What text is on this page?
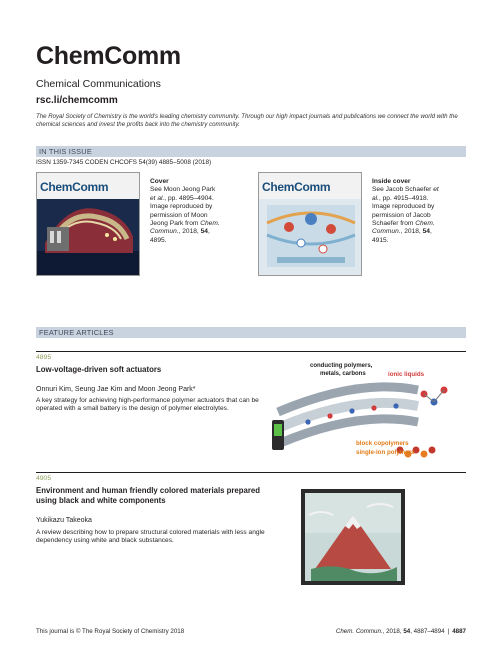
ChemComm
Chemical Communications
rsc.li/chemcomm
The Royal Society of Chemistry is the world's leading chemistry community. Through our high impact journals and publications we connect the world with the chemical sciences and invest the profits back into the chemistry community.
IN THIS ISSUE
ISSN 1359-7345 CODEN CHCOFS 54(39) 4885–5008 (2018)
ChemComm	Cover
See Moon Jeong Park et al., pp. 4895–4904. Image reproduced by permission of Moon Jeong Park from Chem. Commun., 2018, 54, 4895.
ChemComm	Inside cover
See Jacob Schaefer et al., pp. 4915–4918. Image reproduced by permission of Jacob Schaefer from Chem. Commun., 2018, 54, 4915.
FEATURE ARTICLES
4895
Low-voltage-driven soft actuators
Onnuri Kim, Seung Jae Kim and Moon Jeong Park*
A key strategy for achieving high-performance polymer actuators that can be operated with a small battery is the design of polymer electrolytes.
conducting polymers,
metals, carbons	ionic liquids
block copolymers
single-ion polymers
4905
Environment and human friendly colored materials prepared using black and white components
Yukikazu Takeoka
A review describing how to prepare structural colored materials with less angle dependency using white and black substances.
This journal is © The Royal Society of Chemistry 2018	Chem. Commun., 2018, 54, 4887–4894 | 4887
